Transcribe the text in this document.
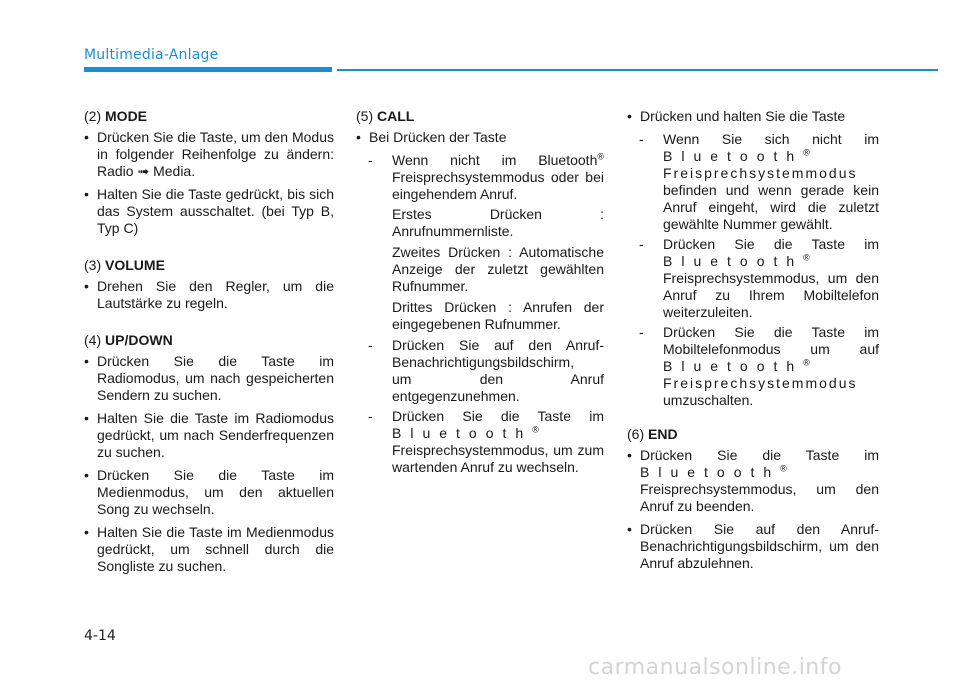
Multimedia-Anlage

(2) MODE

• Drücken Sie die Taste, um den Modus in folgender Reihenfolge zu ändern: Radio ➟ Media.

• Halten Sie die Taste gedrückt, bis sich das System ausschaltet. (bei Typ B, Typ C)

(3) VOLUME

• Drehen Sie den Regler, um die Lautstärke zu regeln.

(4) UP/DOWN

• Drücken Sie die Taste im Radiomodus, um nach gespeicherten Sendern zu suchen.

• Halten Sie die Taste im Radiomodus gedrückt, um nach Senderfrequenzen zu suchen.

• Drücken Sie die Taste im Medienmodus, um den aktuellen Song zu wechseln.

• Halten Sie die Taste im Medienmodus gedrückt, um schnell durch die Songliste zu suchen.

(5) CALL

• Bei Drücken der Taste

- Wenn nicht im Bluetooth®
Freisprechsystemmodus oder bei eingehendem Anruf.

Erstes Drücken : Anrufnummernliste.

Zweites Drücken : Automatische Anzeige der zuletzt gewählten Rufnummer.

Drittes Drücken : Anrufen der eingegebenen Rufnummer.

- Drücken Sie auf den Anruf-
Benachrichtigungsbildschirm,
um den Anruf entgegenzunehmen.
- Drücken Sie die Taste im
Bluetooth®
Freisprechsystemmodus, um zum wartenden Anruf zu wechseln.

• Drücken und halten Sie die Taste

- Wenn Sie sich nicht im
Bluetooth®
Freisprechsystemmodus
befinden und wenn gerade kein Anruf eingeht, wird die zuletzt gewählte Nummer gewählt.
- Drücken Sie die Taste im
Bluetooth®
Freisprechsystemmodus, um den Anruf zu Ihrem Mobiltelefon weiterzuleiten.
- Drücken Sie die Taste im
Mobiltelefonmodus um auf
Bluetooth®
Freisprechsystemmodus
umzuschalten.

(6) END

• Drücken Sie die Taste im
Bluetooth®
Freisprechsystemmodus, um den Anruf zu beenden.

• Drücken Sie auf den Anruf-Benachrichtigungsbildschirm, um den Anruf abzulehnen.

4-14
carmanualsonline.info
